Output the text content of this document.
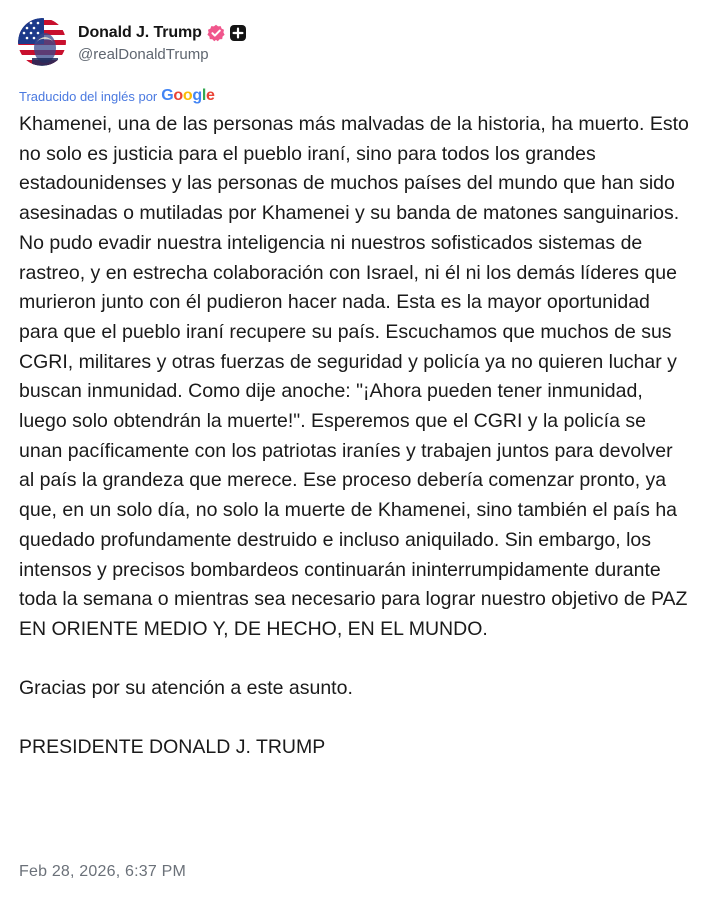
Donald J. Trump
@realDonaldTrump
Traducido del inglés por G o o g l e

Khamenei, una de las personas más malvadas de la historia, ha muerto. Esto no solo es justicia para el pueblo iraní, sino para todos los grandes estadounidenses y las personas de muchos países del mundo que han sido asesinadas o mutiladas por Khamenei y su banda de matones sanguinarios. No pudo evadir nuestra inteligencia ni nuestros sofisticados sistemas de rastreo, y en estrecha colaboración con Israel, ni él ni los demás líderes que murieron junto con él pudieron hacer nada. Esta es la mayor oportunidad para que el pueblo iraní recupere su país. Escuchamos que muchos de sus CGRI, militares y otras fuerzas de seguridad y policía ya no quieren luchar y buscan inmunidad. Como dije anoche: "¡Ahora pueden tener inmunidad, luego solo obtendrán la muerte!". Esperemos que el CGRI y la policía se unan pacíficamente con los patriotas iraníes y trabajen juntos para devolver al país la grandeza que merece. Ese proceso debería comenzar pronto, ya que, en un solo día, no solo la muerte de Khamenei, sino también el país ha quedado profundamente destruido e incluso aniquilado. Sin embargo, los intensos y precisos bombardeos continuarán ininterrumpidamente durante toda la semana o mientras sea necesario para lograr nuestro objetivo de PAZ EN ORIENTE MEDIO Y, DE HECHO, EN EL MUNDO.

Gracias por su atención a este asunto.

PRESIDENTE DONALD J. TRUMP

Feb 28, 2026, 6:37 PM
